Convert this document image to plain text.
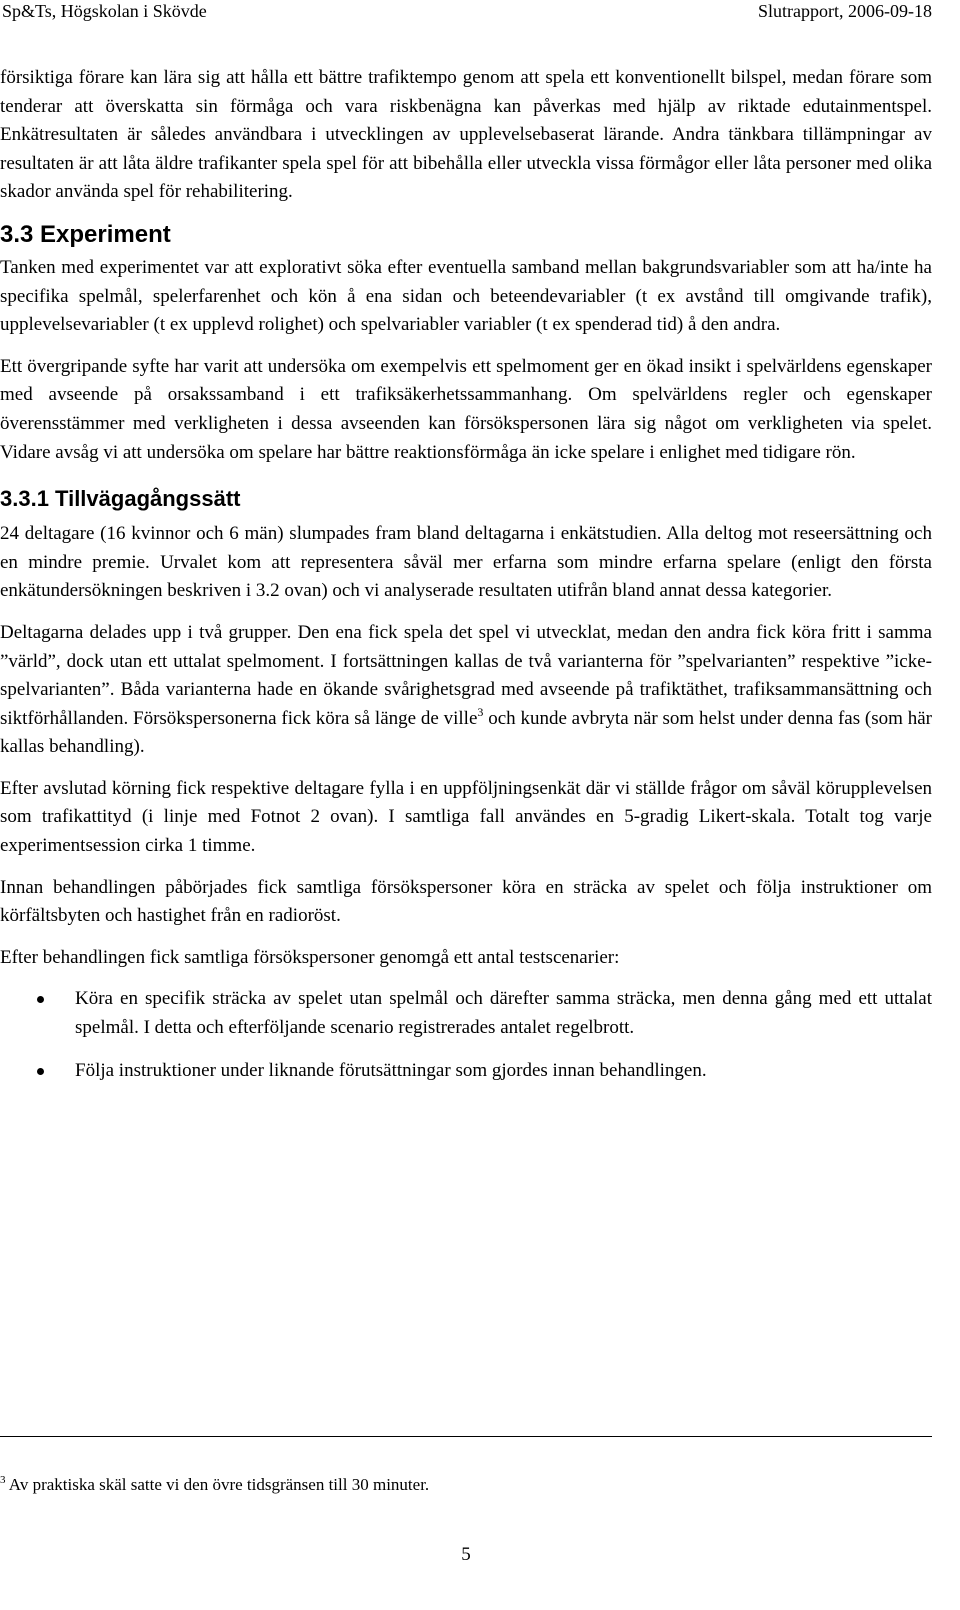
Sp&Ts, Högskolan i Skövde	Slutrapport, 2006-09-18

försiktiga förare kan lära sig att hålla ett bättre trafiktempo genom att spela ett konventionellt bilspel, medan förare som tenderar att överskatta sin förmåga och vara riskbenägna kan påverkas med hjälp av riktade edutainmentspel. Enkätresultaten är således användbara i utvecklingen av upplevelsebaserat lärande. Andra tänkbara tillämpningar av resultaten är att låta äldre trafikanter spela spel för att bibehålla eller utveckla vissa förmågor eller låta personer med olika skador använda spel för rehabilitering.

3.3 Experiment

Tanken med experimentet var att explorativt söka efter eventuella samband mellan bakgrundsvariabler som att ha/inte ha specifika spelmål, spelerfarenhet och kön å ena sidan och beteendevariabler (t ex avstånd till omgivande trafik), upplevelsevariabler (t ex upplevd rolighet) och spelvariabler variabler (t ex spenderad tid) å den andra.

Ett övergripande syfte har varit att undersöka om exempelvis ett spelmoment ger en ökad insikt i spelvärldens egenskaper med avseende på orsakssamband i ett trafiksäkerhetssammanhang. Om spelvärldens regler och egenskaper överensstämmer med verkligheten i dessa avseenden kan försökspersonen lära sig något om verkligheten via spelet. Vidare avsåg vi att undersöka om spelare har bättre reaktionsförmåga än icke spelare i enlighet med tidigare rön.

3.3.1 Tillvägagångssätt

24 deltagare (16 kvinnor och 6 män) slumpades fram bland deltagarna i enkätstudien. Alla deltog mot reseersättning och en mindre premie. Urvalet kom att representera såväl mer erfarna som mindre erfarna spelare (enligt den första enkätundersökningen beskriven i 3.2 ovan) och vi analyserade resultaten utifrån bland annat dessa kategorier.

Deltagarna delades upp i två grupper. Den ena fick spela det spel vi utvecklat, medan den andra fick köra fritt i samma ”värld”, dock utan ett uttalat spelmoment. I fortsättningen kallas de två varianterna för ”spelvarianten” respektive ”icke-spelvarianten”. Båda varianterna hade en ökande svårighetsgrad med avseende på trafiktäthet, trafiksammansättning och siktförhållanden. Försökspersonerna fick köra så länge de ville$^3$ och kunde avbryta när som helst under denna fas (som här kallas behandling).

Efter avslutad körning fick respektive deltagare fylla i en uppföljningsenkät där vi ställde frågor om såväl körupplevelsen som trafikattityd (i linje med Fotnot 2 ovan). I samtliga fall användes en 5-gradig Likert-skala. Totalt tog varje experimentsession cirka 1 timme.

Innan behandlingen påbörjades fick samtliga försökspersoner köra en sträcka av spelet och följa instruktioner om körfältsbyten och hastighet från en radioröst.

Efter behandlingen fick samtliga försökspersoner genomgå ett antal testscenarier:

Köra en specifik sträcka av spelet utan spelmål och därefter samma sträcka, men denna gång med ett uttalat spelmål. I detta och efterföljande scenario registrerades antalet regelbrott.
Följa instruktioner under liknande förutsättningar som gjordes innan behandlingen.
$^3$ Av praktiska skäl satte vi den övre tidsgränsen till 30 minuter.
5
